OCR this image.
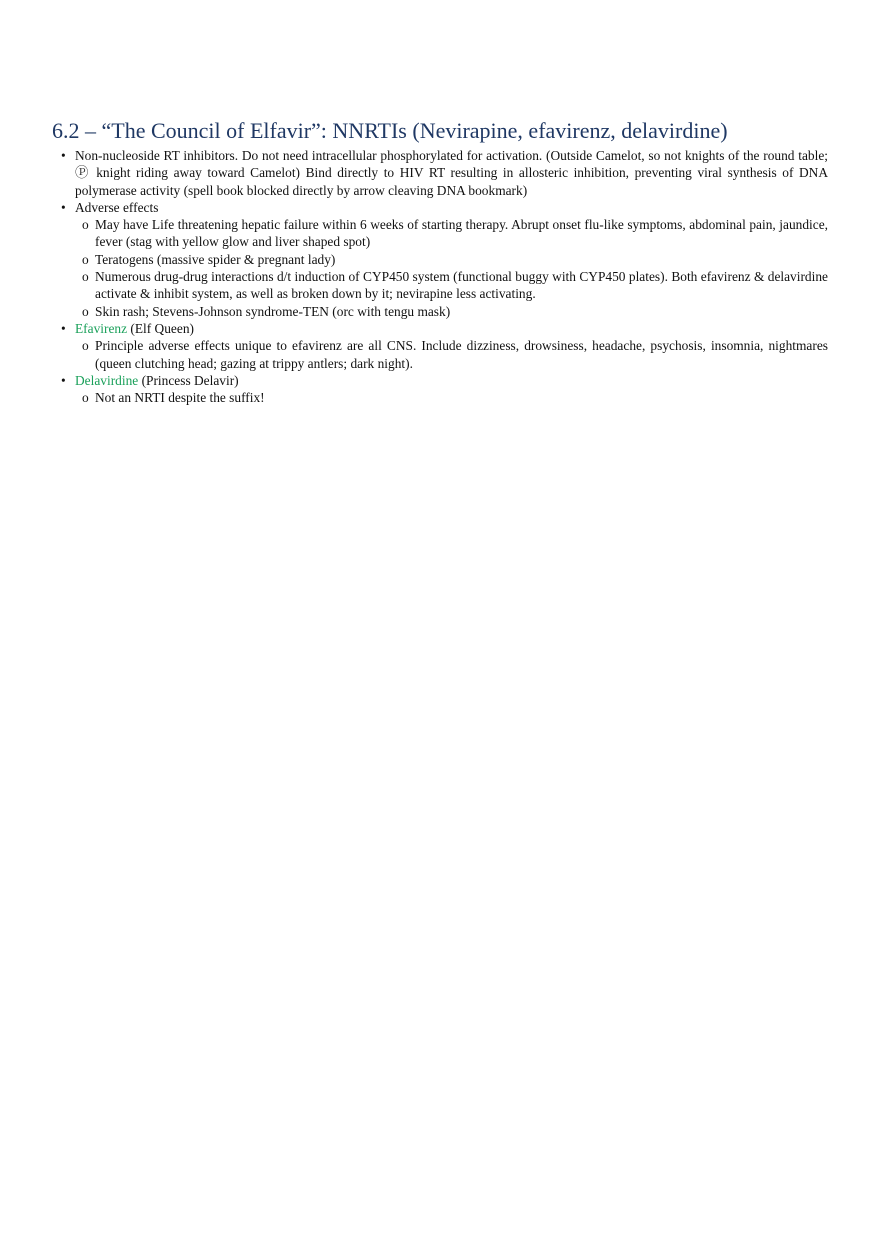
6.2 – “The Council of Elfavir”: NNRTIs (Nevirapine, efavirenz, delavirdine)
• Non-nucleoside RT inhibitors. Do not need intracellular phosphorylated for activation. (Outside Camelot, so not knights of the round table; Ⓟ knight riding away toward Camelot) Bind directly to HIV RT resulting in allosteric inhibition, preventing viral synthesis of DNA polymerase activity (spell book blocked directly by arrow cleaving DNA bookmark)
• Adverse effects
o May have Life threatening hepatic failure within 6 weeks of starting therapy. Abrupt onset flu-like symptoms, abdominal pain, jaundice, fever (stag with yellow glow and liver shaped spot)
o Teratogens (massive spider & pregnant lady)
o Numerous drug-drug interactions d/t induction of CYP450 system (functional buggy with CYP450 plates). Both efavirenz & delavirdine activate & inhibit system, as well as broken down by it; nevirapine less activating.
o Skin rash; Stevens-Johnson syndrome-TEN (orc with tengu mask)
• Efavirenz (Elf Queen)
o Principle adverse effects unique to efavirenz are all CNS. Include dizziness, drowsiness, headache, psychosis, insomnia, nightmares (queen clutching head; gazing at trippy antlers; dark night).
• Delavirdine (Princess Delavir)
o Not an NRTI despite the suffix!
